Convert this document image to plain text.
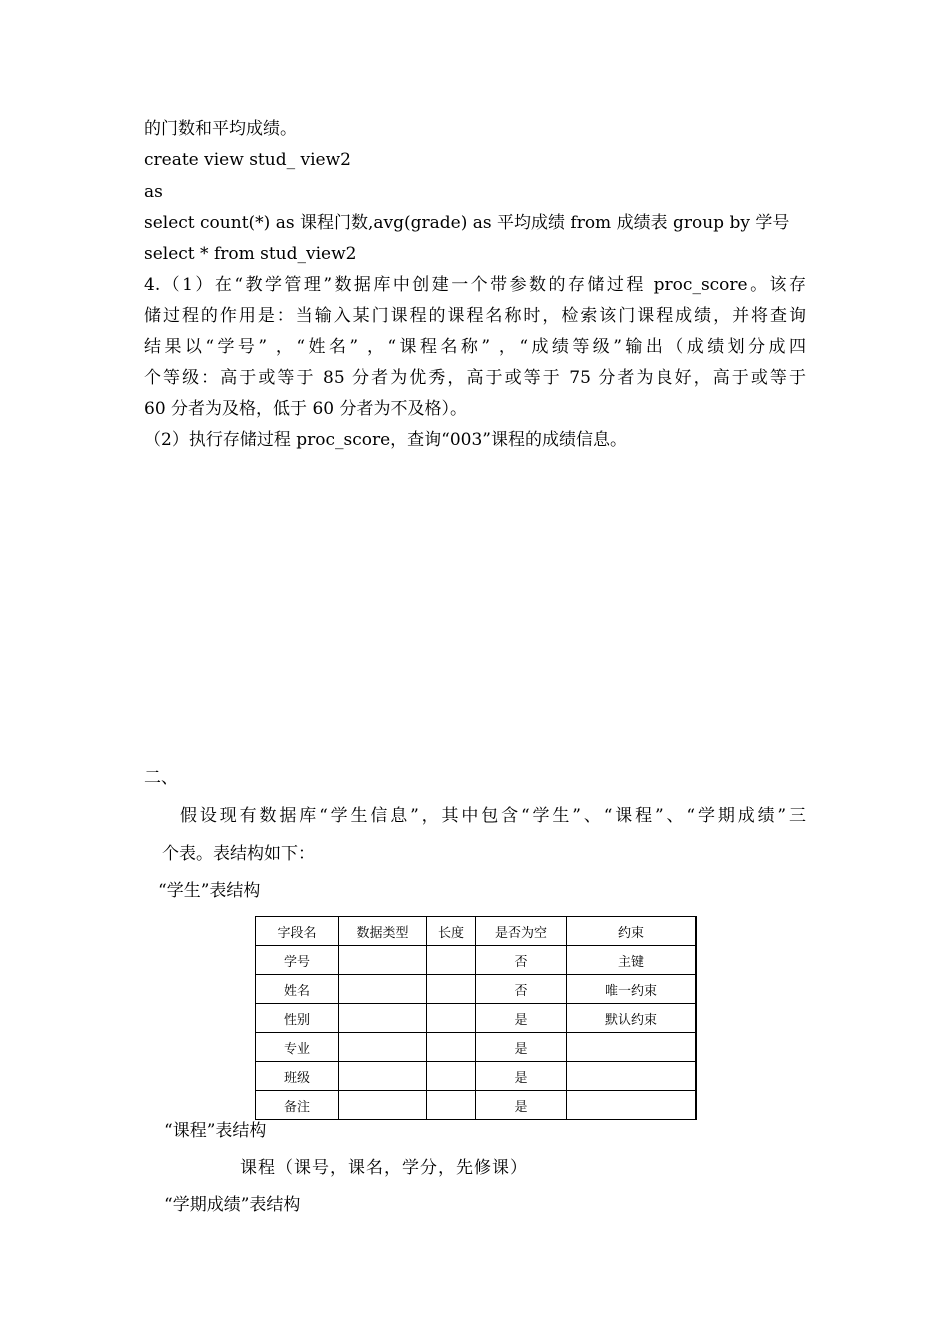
的门数和平均成绩。
create view stud_ view2
as
select count(*) as 课程门数,avg(grade) as 平均成绩 from 成绩表 group by 学号
select * from stud_view2
4.（1）在“教学管理”数据库中创建一个带参数的存储过程 proc_score。该存
储过程的作用是：当输入某门课程的课程名称时，检索该门课程成绩，并将查询
结果以“学号” ，“姓名” ，“课程名称” ，“成绩等级”输出（成绩划分成四
个等级：高于或等于 85 分者为优秀，高于或等于 75 分者为良好，高于或等于
60 分者为及格，低于 60 分者为不及格）。
（2）执行存储过程 proc_score，查询“003”课程的成绩信息。
二、
假设现有数据库“学生信息”，其中包含“学生”、“课程”、“学期成绩”三
个表。表结构如下：
“学生”表结构
字段名	数据类型	长度	是否为空	约束
学号			否	主键
姓名			否	唯一约束
性别			是	默认约束
专业			是	
班级			是	
备注			是	
“课程”表结构
课程（课号，课名，学分，先修课）
“学期成绩”表结构
